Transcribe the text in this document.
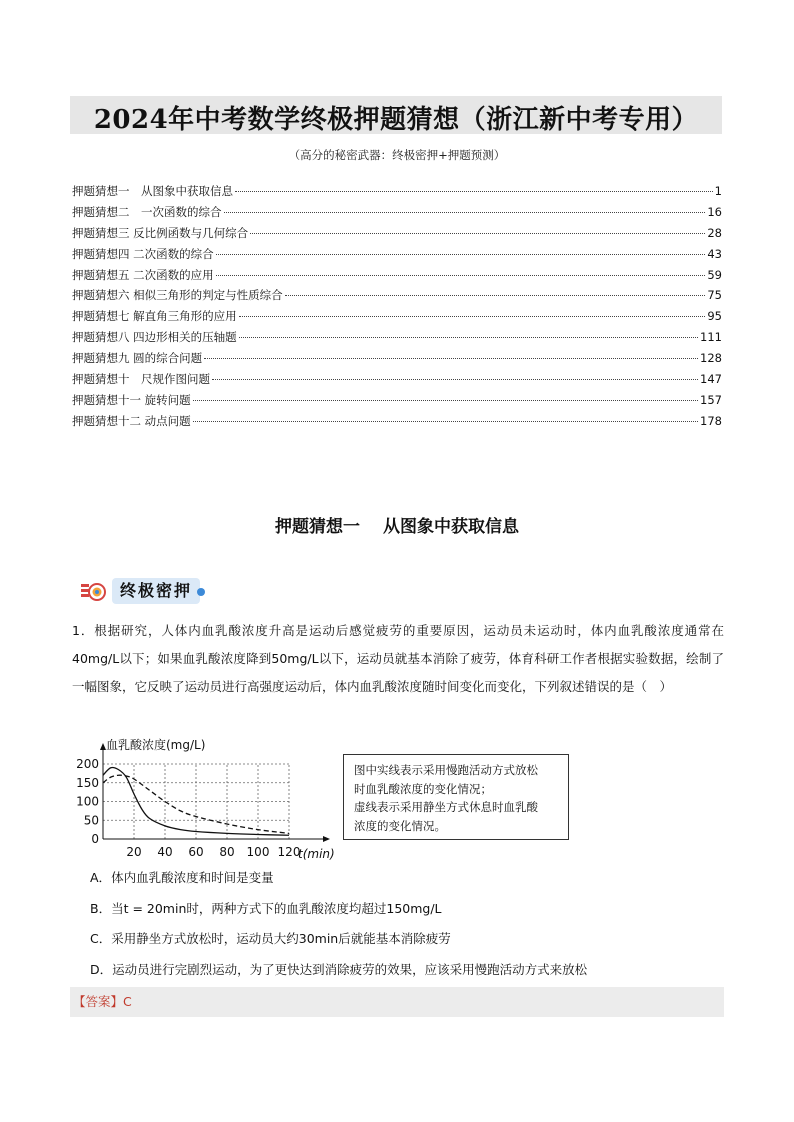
2024年中考数学终极押题猜想（浙江新中考专用）
（高分的秘密武器：终极密押+押题预测）
押题猜想一　从图象中获取信息	1
押题猜想二　一次函数的综合	16
押题猜想三 反比例函数与几何综合	28
押题猜想四 二次函数的综合	43
押题猜想五 二次函数的应用	59
押题猜想六 相似三角形的判定与性质综合	75
押题猜想七 解直角三角形的应用	95
押题猜想八 四边形相关的压轴题	111
押题猜想九 圆的综合问题	128
押题猜想十　尺规作图问题	147
押题猜想十一 旋转问题	157
押题猜想十二 动点问题	178
押题猜想一　 从图象中获取信息
终极密押
1．根据研究，人体内血乳酸浓度升高是运动后感觉疲劳的重要原因，运动员未运动时，体内血乳酸浓度通常在40mg/L以下；如果血乳酸浓度降到50mg/L以下，运动员就基本消除了疲劳，体育科研工作者根据实验数据，绘制了一幅图象，它反映了运动员进行高强度运动后，体内血乳酸浓度随时间变化而变化，下列叙述错误的是（　）
0
50
100
150
200
20 40 60 80 100 120
血乳酸浓度(mg/L)
t(min)
图中实线表示采用慢跑活动方式放松
时血乳酸浓度的变化情况；
虚线表示采用静坐方式休息时血乳酸
浓度的变化情况。
A．体内血乳酸浓度和时间是变量
B．当t = 20min时，两种方式下的血乳酸浓度均超过150mg/L
C．采用静坐方式放松时，运动员大约30min后就能基本消除疲劳
D．运动员进行完剧烈运动，为了更快达到消除疲劳的效果，应该采用慢跑活动方式来放松
【答案】C
